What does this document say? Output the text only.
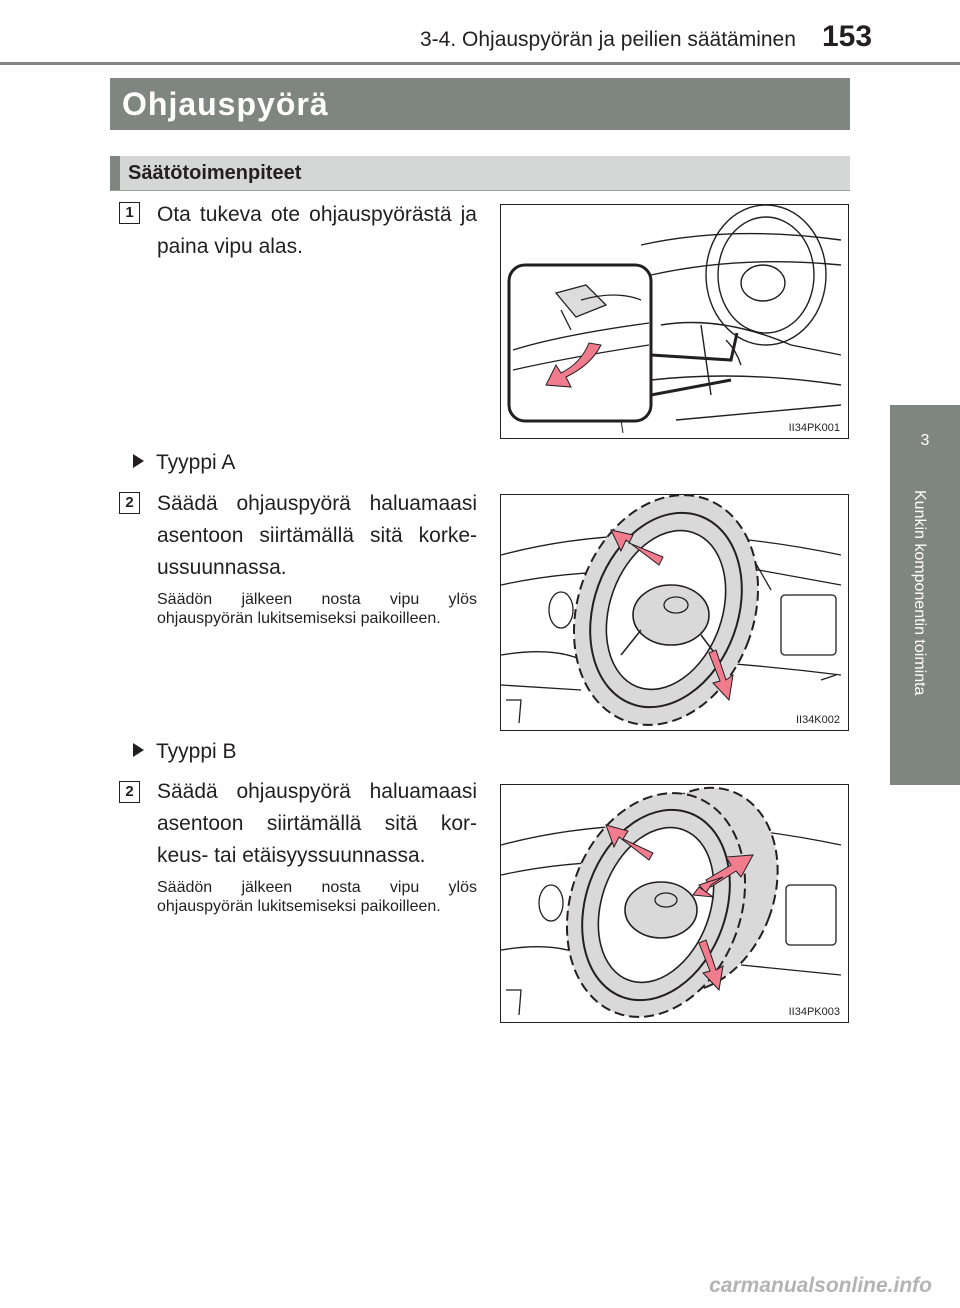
3-4. Ohjauspyörän ja peilien säätäminen 153
3
Kunkin komponentin toiminta
Ohjauspyörä
Säätötoimenpiteet
1	Ota tukeva ote ohjauspyörästä ja paina vipu alas.
II34PK001
Tyyppi A
2	Säädä ohjauspyörä haluamaasi
asentoon siirtämällä sitä korke-
ussuunnassa.
Säädön jälkeen nosta vipu ylös ohjauspyörän lukitsemiseksi paikoilleen.
II34K002
Tyyppi B
2	Säädä ohjauspyörä haluamaasi
asentoon siirtämällä sitä kor-
keus- tai etäisyyssuunnassa.
Säädön jälkeen nosta vipu ylös ohjauspyörän lukitsemiseksi paikoilleen.
II34PK003
carmanualsonline.info
